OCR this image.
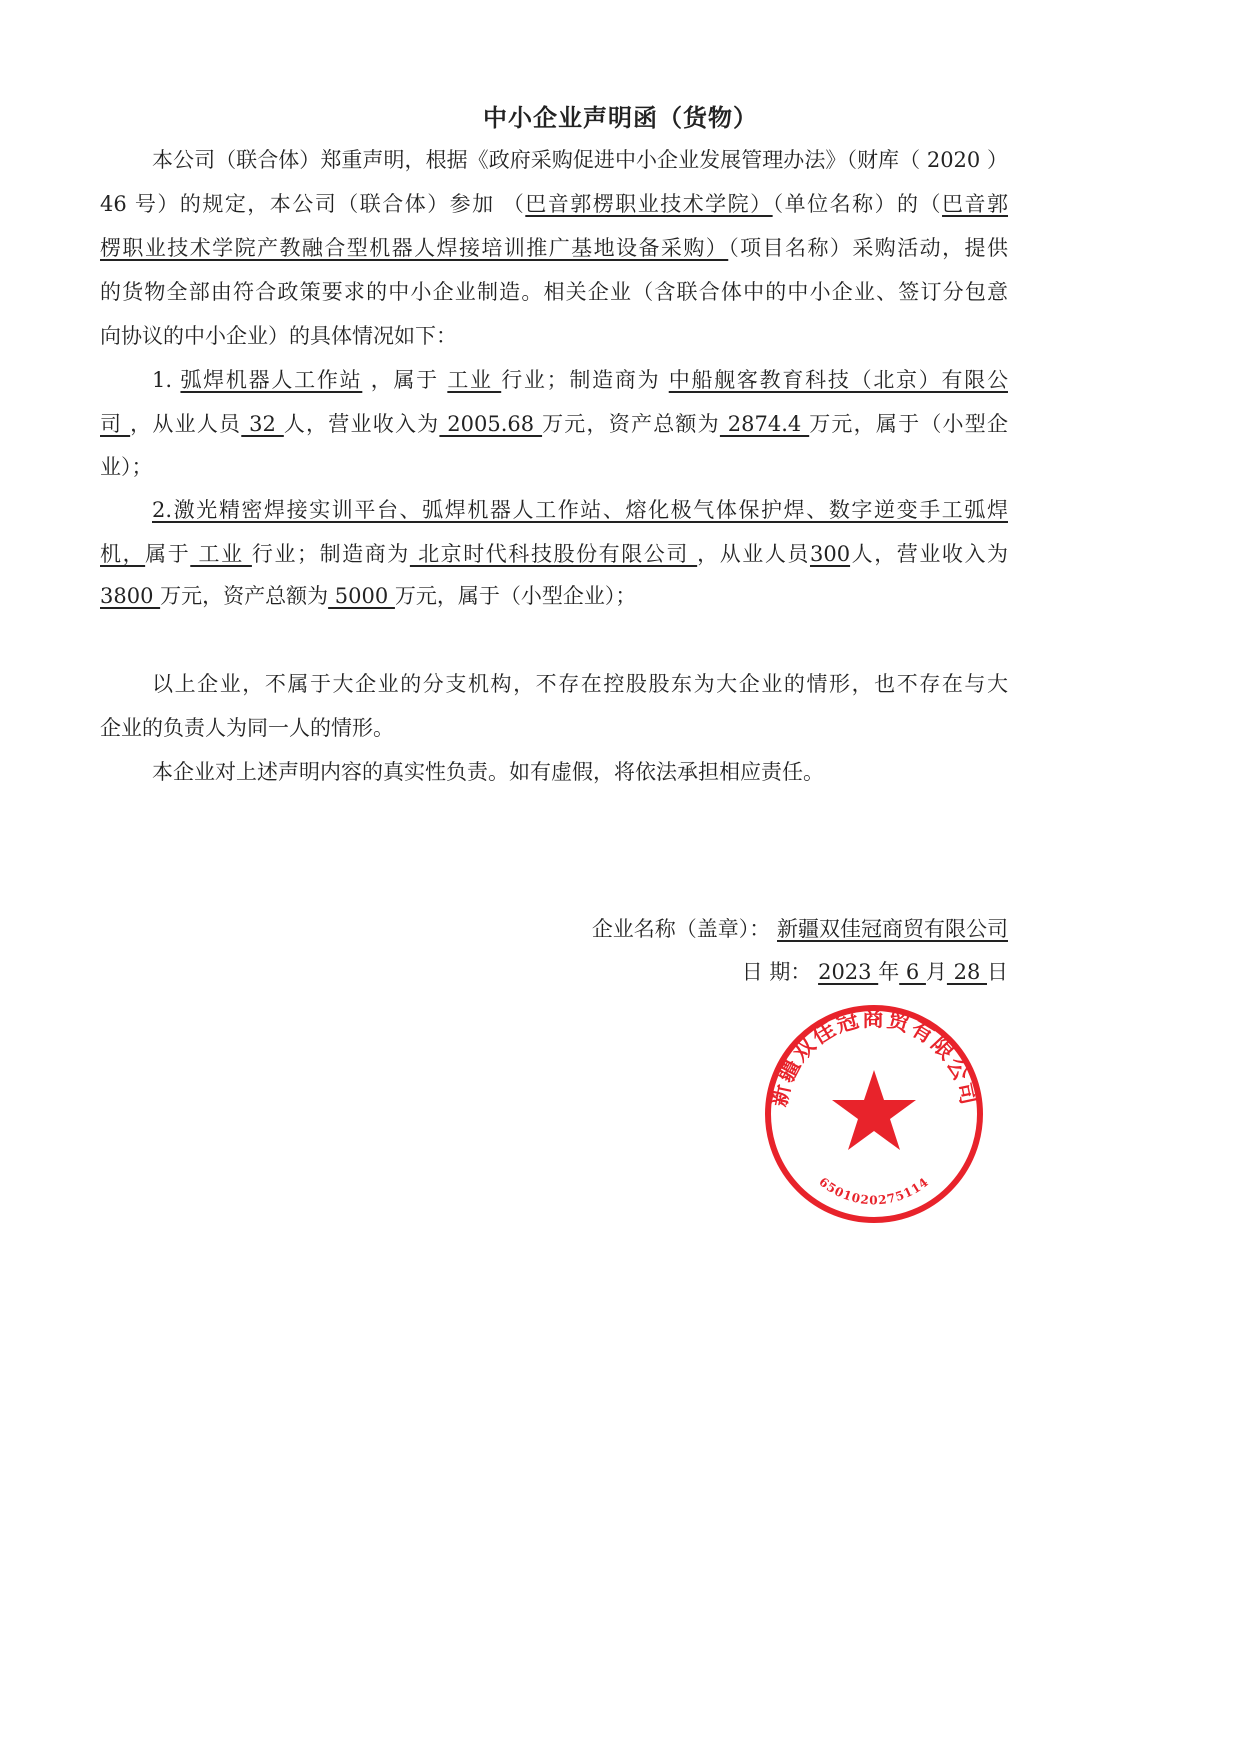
中小企业声明函（货物）
本公司（联合体）郑重声明，根据《政府采购促进中小企业发展管理办法》（财库（ 2020 ）
46 号）的规定，本公司（联合体）参加 （巴音郭楞职业技术学院）（单位名称）的（巴音郭
楞职业技术学院产教融合型机器人焊接培训推广基地设备采购）（项目名称）采购活动，提供
的货物全部由符合政策要求的中小企业制造。相关企业（含联合体中的中小企业、签订分包意
向协议的中小企业）的具体情况如下：
1. 弧焊机器人工作站 ，属于 工业 行业；制造商为 中船舰客教育科技（北京）有限公
司 ，从业人员 32 人，营业收入为 2005.68 万元，资产总额为 2874.4 万元，属于（小型企
业）；
2.激光精密焊接实训平台、弧焊机器人工作站、熔化极气体保护焊、数字逆变手工弧焊
机，属于 工业 行业；制造商为 北京时代科技股份有限公司 ，从业人员300人，营业收入为
3800 万元，资产总额为 5000 万元，属于（小型企业）；
以上企业，不属于大企业的分支机构，不存在控股股东为大企业的情形，也不存在与大
企业的负责人为同一人的情形。
本企业对上述声明内容的真实性负责。如有虚假，将依法承担相应责任。
企业名称（盖章）： 新疆双佳冠商贸有限公司
日 期： 2023 年 6 月 28 日
新疆双佳冠商贸有限公司
6501020275114
